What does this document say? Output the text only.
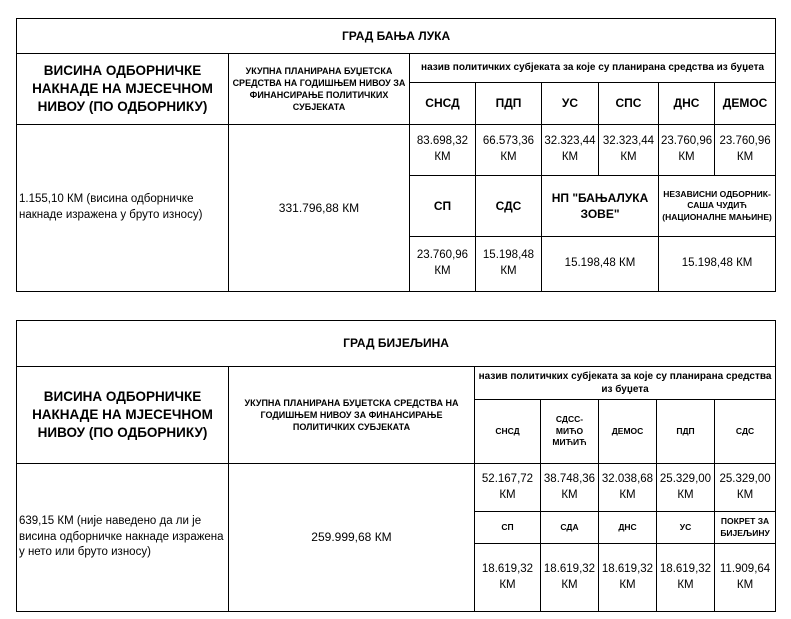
ГРАД БАЊА ЛУКА							
ВИСИНА ОДБОРНИЧКЕ НАКНАДЕ НА МЈЕСЕЧНОМ НИВОУ (ПО ОДБОРНИКУ)	УКУПНА ПЛАНИРАНА БУЏЕТСКА СРЕДСТВА НА ГОДИШЊЕМ НИВОУ ЗА ФИНАНСИРАЊЕ ПОЛИТИЧКИХ СУБЈЕКАТА	назив политичких субјеката за које су планирана средства из буџета					
		СНСД	ПДП	УС	СПС	ДНС	ДЕМОС
1.155,10 КМ (висина одборничке накнаде изражена у бруто износу)	331.796,88 КМ	83.698,32 КМ	66.573,36 КМ	32.323,44 КМ	32.323,44 КМ	23.760,96 КМ	23.760,96 КМ
		СП	СДС	НП "БАЊАЛУКА ЗОВЕ"		НЕЗАВИСНИ ОДБОРНИК-САША ЧУДИЋ (НАЦИОНАЛНЕ МАЊИНЕ)	
		23.760,96 КМ	15.198,48 КМ	15.198,48 КМ		15.198,48 КМ	
ГРАД БИЈЕЉИНА						
ВИСИНА ОДБОРНИЧКЕ НАКНАДЕ НА МЈЕСЕЧНОМ НИВОУ (ПО ОДБОРНИКУ)	УКУПНА ПЛАНИРАНА БУЏЕТСКА СРЕДСТВА НА ГОДИШЊЕМ НИВОУ ЗА ФИНАНСИРАЊЕ ПОЛИТИЧКИХ СУБЈЕКАТА	назив политичких субјеката за које су планирана средства из буџета				
		СНСД	СДСС-МИЋО МИЋИЋ	ДЕМОС	ПДП	СДС
639,15 КМ (није наведено да ли је висина одборничке накнаде изражена у нето или бруто износу)	259.999,68 КМ	52.167,72 КМ	38.748,36 КМ	32.038,68 КМ	25.329,00 КМ	25.329,00 КМ
		СП	СДА	ДНС	УС	ПОКРЕТ ЗА БИЈЕЉИНУ
		18.619,32 КМ	18.619,32 КМ	18.619,32 КМ	18.619,32 КМ	11.909,64 КМ
